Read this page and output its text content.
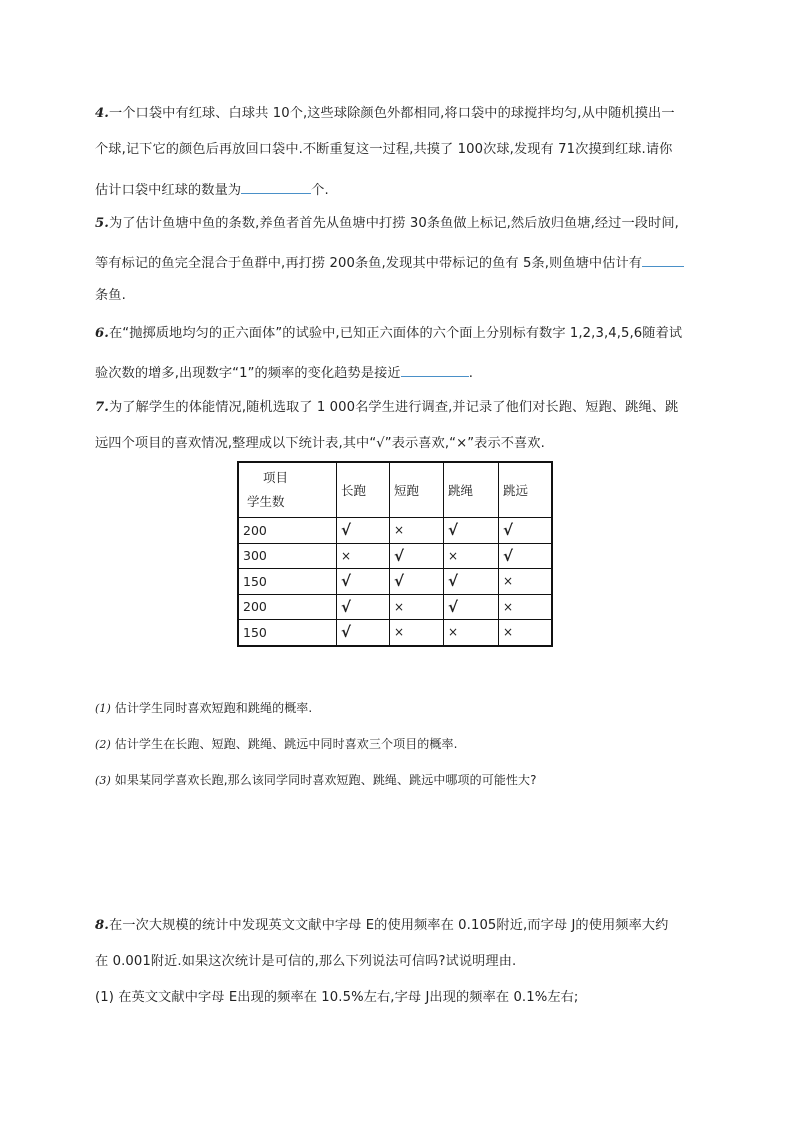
4.一个口袋中有红球、白球共 10个,这些球除颜色外都相同,将口袋中的球搅拌均匀,从中随机摸出一
个球,记下它的颜色后再放回口袋中.不断重复这一过程,共摸了 100次球,发现有 71次摸到红球.请你
估计口袋中红球的数量为	个.
5.为了估计鱼塘中鱼的条数,养鱼者首先从鱼塘中打捞 30条鱼做上标记,然后放归鱼塘,经过一段时间,
等有标记的鱼完全混合于鱼群中,再打捞 200条鱼,发现其中带标记的鱼有 5条,则鱼塘中估计有
条鱼.
6.在“抛掷质地均匀的正六面体”的试验中,已知正六面体的六个面上分别标有数字 1,2,3,4,5,6随着试
验次数的增多,出现数字“1”的频率的变化趋势是接近	.
7.为了解学生的体能情况,随机选取了 1 000名学生进行调查,并记录了他们对长跑、短跑、跳绳、跳
远四个项目的喜欢情况,整理成以下统计表,其中“√”表示喜欢,“×”表示不喜欢.
项目
学生数	长跑	短跑	跳绳	跳远
200	√	×	√	√
300	×	√	×	√
150	√	√	√	×
200	√	×	√	×
150	√	×	×	×
(1) 估计学生同时喜欢短跑和跳绳的概率.
(2) 估计学生在长跑、短跑、跳绳、跳远中同时喜欢三个项目的概率.
(3) 如果某同学喜欢长跑,那么该同学同时喜欢短跑、跳绳、跳远中哪项的可能性大?
8.在一次大规模的统计中发现英文文献中字母 E的使用频率在 0.105附近,而字母 J的使用频率大约
在 0.001附近.如果这次统计是可信的,那么下列说法可信吗?试说明理由.
(1) 在英文文献中字母 E出现的频率在 10.5%左右,字母 J出现的频率在 0.1%左右;
